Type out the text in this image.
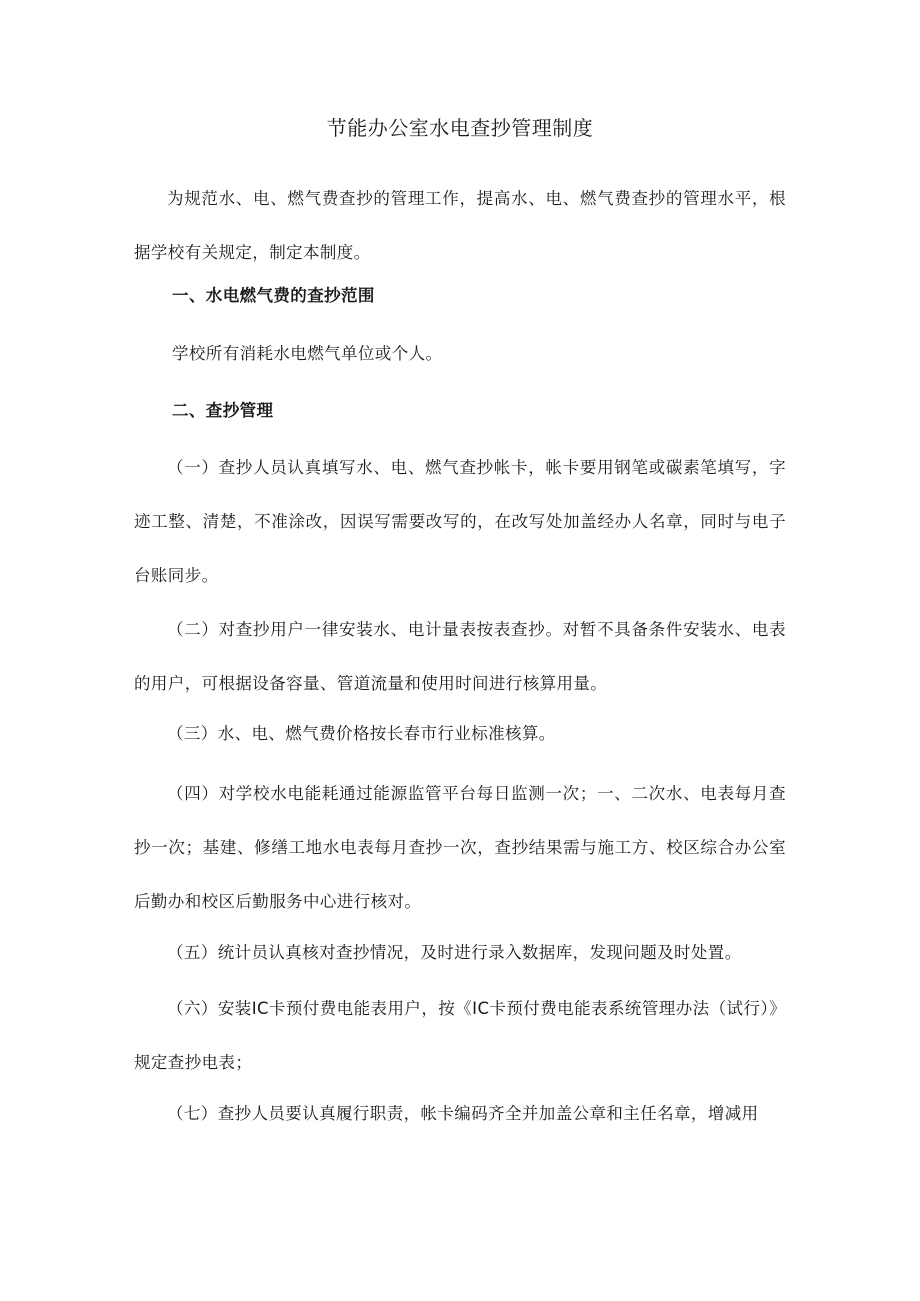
节能办公室水电查抄管理制度

为规范水、电、燃气费查抄的管理工作，提高水、电、燃气费查抄的管理水平，根据学校有关规定，制定本制度。

一、水电燃气费的查抄范围

学校所有消耗水电燃气单位或个人。

二、查抄管理

（一）查抄人员认真填写水、电、燃气查抄帐卡，帐卡要用钢笔或碳素笔填写，字迹工整、清楚，不准涂改，因误写需要改写的，在改写处加盖经办人名章，同时与电子台账同步。

（二）对查抄用户一律安装水、电计量表按表查抄。对暂不具备条件安装水、电表的用户，可根据设备容量、管道流量和使用时间进行核算用量。

（三）水、电、燃气费价格按长春市行业标准核算。

（四）对学校水电能耗通过能源监管平台每日监测一次；一、二次水、电表每月查抄一次；基建、修缮工地水电表每月查抄一次，查抄结果需与施工方、校区综合办公室后勤办和校区后勤服务中心进行核对。

（五）统计员认真核对查抄情况，及时进行录入数据库，发现问题及时处置。

（六）安装IC卡预付费电能表用户，按《IC卡预付费电能表系统管理办法（试行）》规定查抄电表；

（七）查抄人员要认真履行职责，帐卡编码齐全并加盖公章和主任名章，增减用
